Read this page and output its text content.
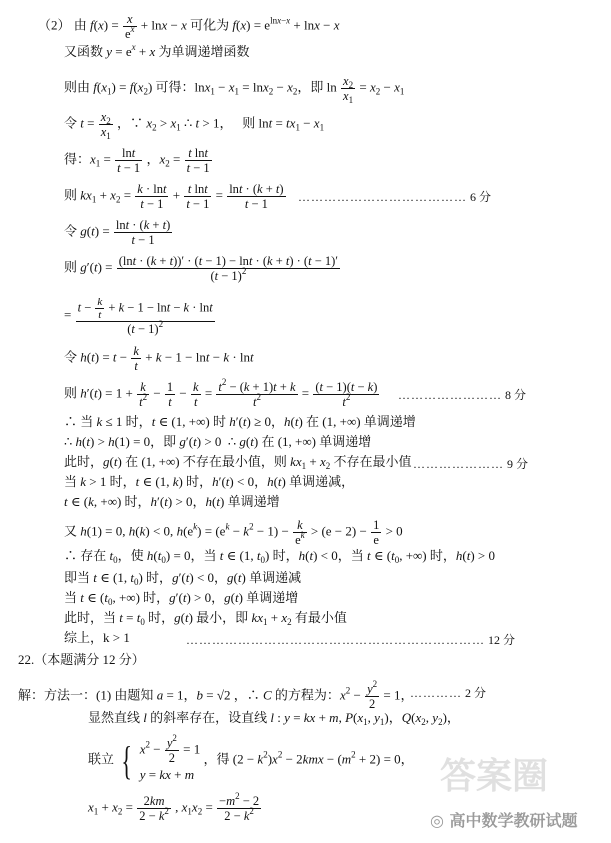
（2） 由 $f(x) = \frac{x}{e^x} + \ln x - x$ 可化为 $f(x) = e^{lnx-x} + \ln x - x$
又函数 $y = e^x + x$ 为单调递增函数
则由 $f(x_1) = f(x_2)$ 可得：$\ln x_1 - x_1 = \ln x_2 - x_2$，即 $\ln \frac{x_2}{x_1} = x_2 - x_1$
令 $t = \frac{x_2}{x_1}$ ，∵ $x_2 > x_1$ ∴ t > 1，   则 $\ln t = tx_1 - x_1$
得：$x_1 = \frac{\ln t}{t - 1}$ ，$x_2 = \frac{\text{t lnt}}{t - 1}$
则 $kx_1 + x_2 = \frac{k \cdot \ln t}{t - 1} + \frac{\text{t lnt}}{t - 1} = \frac{\ln t \cdot (k + t)}{t - 1}$ ………………………………… 6 分
令 $g(t) = \frac{\ln t \cdot (k + t)}{t - 1}$
则 $g'(t) = \frac{(\ln t \cdot (k + t))' \cdot (t - 1) - \ln t \cdot (k + t) \cdot (t - 1)'}{(t - 1)^2}$
= $\frac{t - \frac{k}{t} + k - 1 - \ln t - k \cdot \ln t}{(t - 1)^2}$
令 $h(t) = t - \frac{k}{t} + k - 1 - \ln t - k \cdot \ln t$
则 $h'(t) = 1 + \frac{k}{t^2} - \frac{1}{t} - \frac{k}{t} = \frac{t^2 - (k + 1)t + k}{t^2} = \frac{(t - 1)(t - k)}{t^2}$ …………………… 8 分
∴ 当 k ≤ 1 时，t ∈ (1, +∞) 时 h′(t) ≥ 0，h(t) 在 (1, +∞) 单调递增
∴ h(t) > h(1) = 0，即 g′(t) > 0  ∴ g(t) 在 (1, +∞) 单调递增
此时，g(t) 在 (1, +∞) 不存在最小值，则 $kx_1 + x_2$ 不存在最小值 ………………… 9 分
当 k > 1 时，t ∈ (1, k) 时，h′(t) < 0，h(t) 单调递减，
t ∈ (k, +∞) 时，h′(t) > 0，h(t) 单调递增
又 h(1) = 0, h(k) < 0, $h(e^k) = (e^k - k^2 - 1) - \frac{k}{e^k} > (e - 2) - \frac{1}{e} > 0$
∴ 存在 $t_0$，使 $h(t_0) = 0$，当 t ∈ (1, $t_0$) 时，h(t) < 0，当 t ∈ ($t_0$, +∞) 时，h(t) > 0
即当 t ∈ (1, $t_0$) 时，g′(t) < 0，g(t) 单调递减
当 t ∈ ($t_0$, +∞) 时，g′(t) > 0，g(t) 单调递增
此时，当 $t = t_0$ 时，g(t) 最小，即 $kx_1 + x_2$ 有最小值
综上，k > 1	…………………………………………………………… 12 分
22.（本题满分 12 分）
解：方法一：(1) 由题知 a = 1，b = √2 ，∴ C 的方程为：$x^2 - \frac{y^2}{2} = 1$，
………… 2 分
显然直线 l 的斜率存在，设直线 l : y = kx + m, $P(x_1$, $y_1$)，$Q(x_2$, $y_2$)，
联立 { $x^2 - \frac{y^2}{2} = 1$
y = kx + m
，得 $(2 - k^2)x^2 - 2kmx - (m^2 + 2) = 0$，
$x_1 + x_2 = \frac{2km}{2 - k^2}$ , $x_1x_2 = \frac{-m^2 - 2}{2 - k^2}$
答案圈
◎ 高中数学教研试题
